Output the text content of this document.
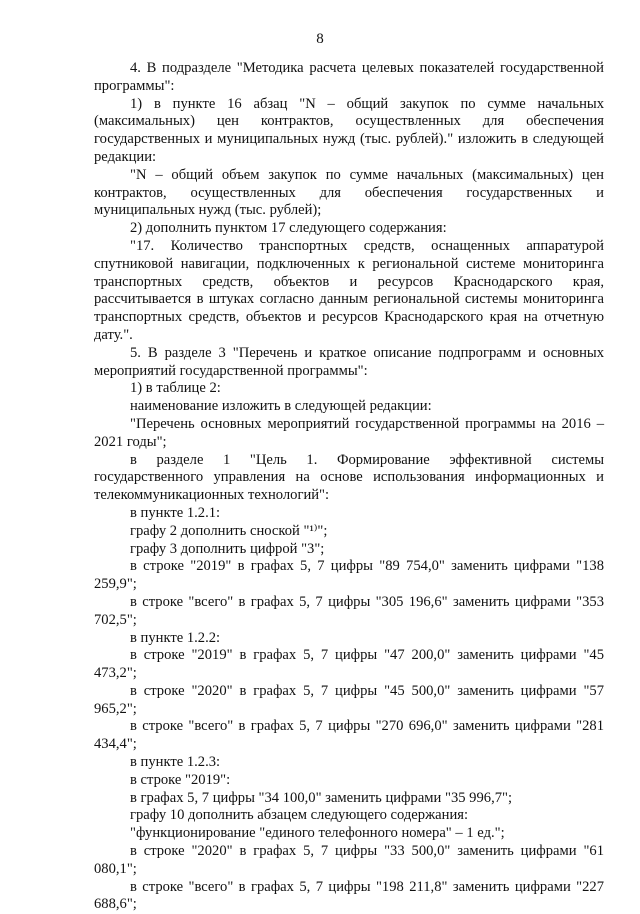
8

4. В подразделе "Методика расчета целевых показателей государственной программы":

1) в пункте 16 абзац "N – общий закупок по сумме начальных (максимальных) цен контрактов, осуществленных для обеспечения государственных и муниципальных нужд (тыс. рублей)." изложить в следующей редакции:

"N – общий объем закупок по сумме начальных (максимальных) цен контрактов, осуществленных для обеспечения государственных и муниципальных нужд (тыс. рублей);

2) дополнить пунктом 17 следующего содержания:

"17. Количество транспортных средств, оснащенных аппаратурой спутниковой навигации, подключенных к региональной системе мониторинга транспортных средств, объектов и ресурсов Краснодарского края, рассчитывается в штуках согласно данным региональной системы мониторинга транспортных средств, объектов и ресурсов Краснодарского края на отчетную дату.".

5. В разделе 3 "Перечень и краткое описание подпрограмм и основных мероприятий государственной программы":

1) в таблице 2:

наименование изложить в следующей редакции:

"Перечень основных мероприятий государственной программы на 2016 – 2021 годы";

в разделе 1 "Цель 1. Формирование эффективной системы государственного управления на основе использования информационных и телекоммуникационных технологий":

в пункте 1.2.1:

графу 2 дополнить сноской "¹⁾";

графу 3 дополнить цифрой "3";

в строке "2019" в графах 5, 7 цифры "89 754,0" заменить цифрами "138 259,9";

в строке "всего" в графах 5, 7 цифры "305 196,6" заменить цифрами "353 702,5";

в пункте 1.2.2:

в строке "2019" в графах 5, 7 цифры "47 200,0" заменить цифрами "45 473,2";

в строке "2020" в графах 5, 7 цифры "45 500,0" заменить цифрами "57 965,2";

в строке "всего" в графах 5, 7 цифры "270 696,0" заменить цифрами "281 434,4";

в пункте 1.2.3:

в строке "2019":

в графах 5, 7 цифры "34 100,0" заменить цифрами "35 996,7";

графу 10 дополнить абзацем следующего содержания:

"функционирование "единого телефонного номера" – 1 ед.";

в строке "2020" в графах 5, 7 цифры "33 500,0" заменить цифрами "61 080,1";

в строке "всего" в графах 5, 7 цифры "198 211,8" заменить цифрами "227 688,6";
